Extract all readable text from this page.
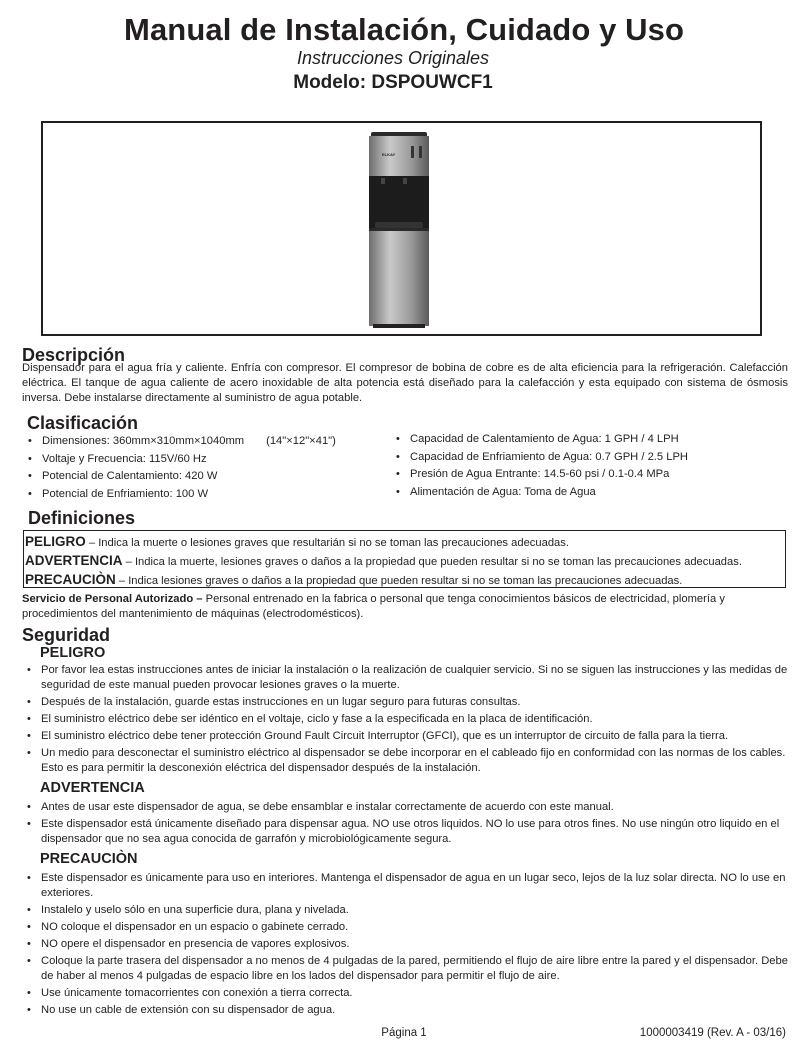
Manual de Instalación, Cuidado y Uso
Instrucciones Originales
Modelo: DSPOUWCF1
ELKAY
Descripción
Dispensador para el agua fría y caliente. Enfría con compresor. El compresor de bobina de cobre es de alta eficiencia para la refrigeración. Calefacción eléctrica. El tanque de agua caliente de acero inoxidable de alta potencia está diseñado para la calefacción y esta equipado con sistema de ósmosis inversa. Debe instalarse directamente al suministro de agua potable.
Clasificación
• Dimensiones: 360mm×310mm×1040mm (14"×12"×41")
• Voltaje y Frecuencia: 115V/60 Hz
• Potencial de Calentamiento: 420 W
• Potencial de Enfriamiento: 100 W
• Capacidad de Calentamiento de Agua: 1 GPH / 4 LPH
• Capacidad de Enfriamiento de Agua: 0.7 GPH / 2.5 LPH
• Presión de Agua Entrante: 14.5-60 psi / 0.1-0.4 MPa
• Alimentación de Agua: Toma de Agua
Definiciones
PELIGRO – Indica la muerte o lesiones graves que resultarián si no se toman las precauciones adecuadas.
ADVERTENCIA – Indica la muerte, lesiones graves o daños a la propiedad que pueden resultar si no se toman las precauciones adecuadas.
PRECAUCIÒN – Indica lesiones graves o daños a la propiedad que pueden resultar si no se toman las precauciones adecuadas.
Servicio de Personal Autorizado – Personal entrenado en la fabrica o personal que tenga conocimientos básicos de electricidad, plomería y procedimientos del mantenimiento de máquinas (electrodomésticos).
Seguridad
PELIGRO
• Por favor lea estas instrucciones antes de iniciar la instalación o la realización de cualquier servicio. Si no se siguen las instrucciones y las medidas de seguridad de este manual pueden provocar lesiones graves o la muerte.
• Después de la instalación, guarde estas instrucciones en un lugar seguro para futuras consultas.
• El suministro eléctrico debe ser idéntico en el voltaje, ciclo y fase a la especificada en la placa de identificación.
• El suministro eléctrico debe tener protección Ground Fault Circuit Interruptor (GFCI), que es un interruptor de circuito de falla para la tierra.
• Un medio para desconectar el suministro eléctrico al dispensador se debe incorporar en el cableado fijo en conformidad con las normas de los cables. Esto es para permitir la desconexión eléctrica del dispensador después de la instalación.
ADVERTENCIA
• Antes de usar este dispensador de agua, se debe ensamblar e instalar correctamente de acuerdo con este manual.
• Este dispensador está únicamente diseñado para dispensar agua. NO use otros liquidos. NO lo use para otros fines. No use ningún otro liquido en el dispensador que no sea agua conocida de garrafón y microbiológicamente segura.
PRECAUCIÒN
• Este dispensador es únicamente para uso en interiores. Mantenga el dispensador de agua en un lugar seco, lejos de la luz solar directa. NO lo use en exteriores.
• Instalelo y uselo sólo en una superficie dura, plana y nivelada.
• NO coloque el dispensador en un espacio o gabinete cerrado.
• NO opere el dispensador en presencia de vapores explosivos.
• Coloque la parte trasera del dispensador a no menos de 4 pulgadas de la pared, permitiendo el flujo de aire libre entre la pared y el dispensador. Debe de haber al menos 4 pulgadas de espacio libre en los lados del dispensador para permitir el flujo de aire.
• Use únicamente tomacorrientes con conexión a tierra correcta.
• No use un cable de extensión con su dispensador de agua.
Página 1	1000003419 (Rev. A - 03/16)
